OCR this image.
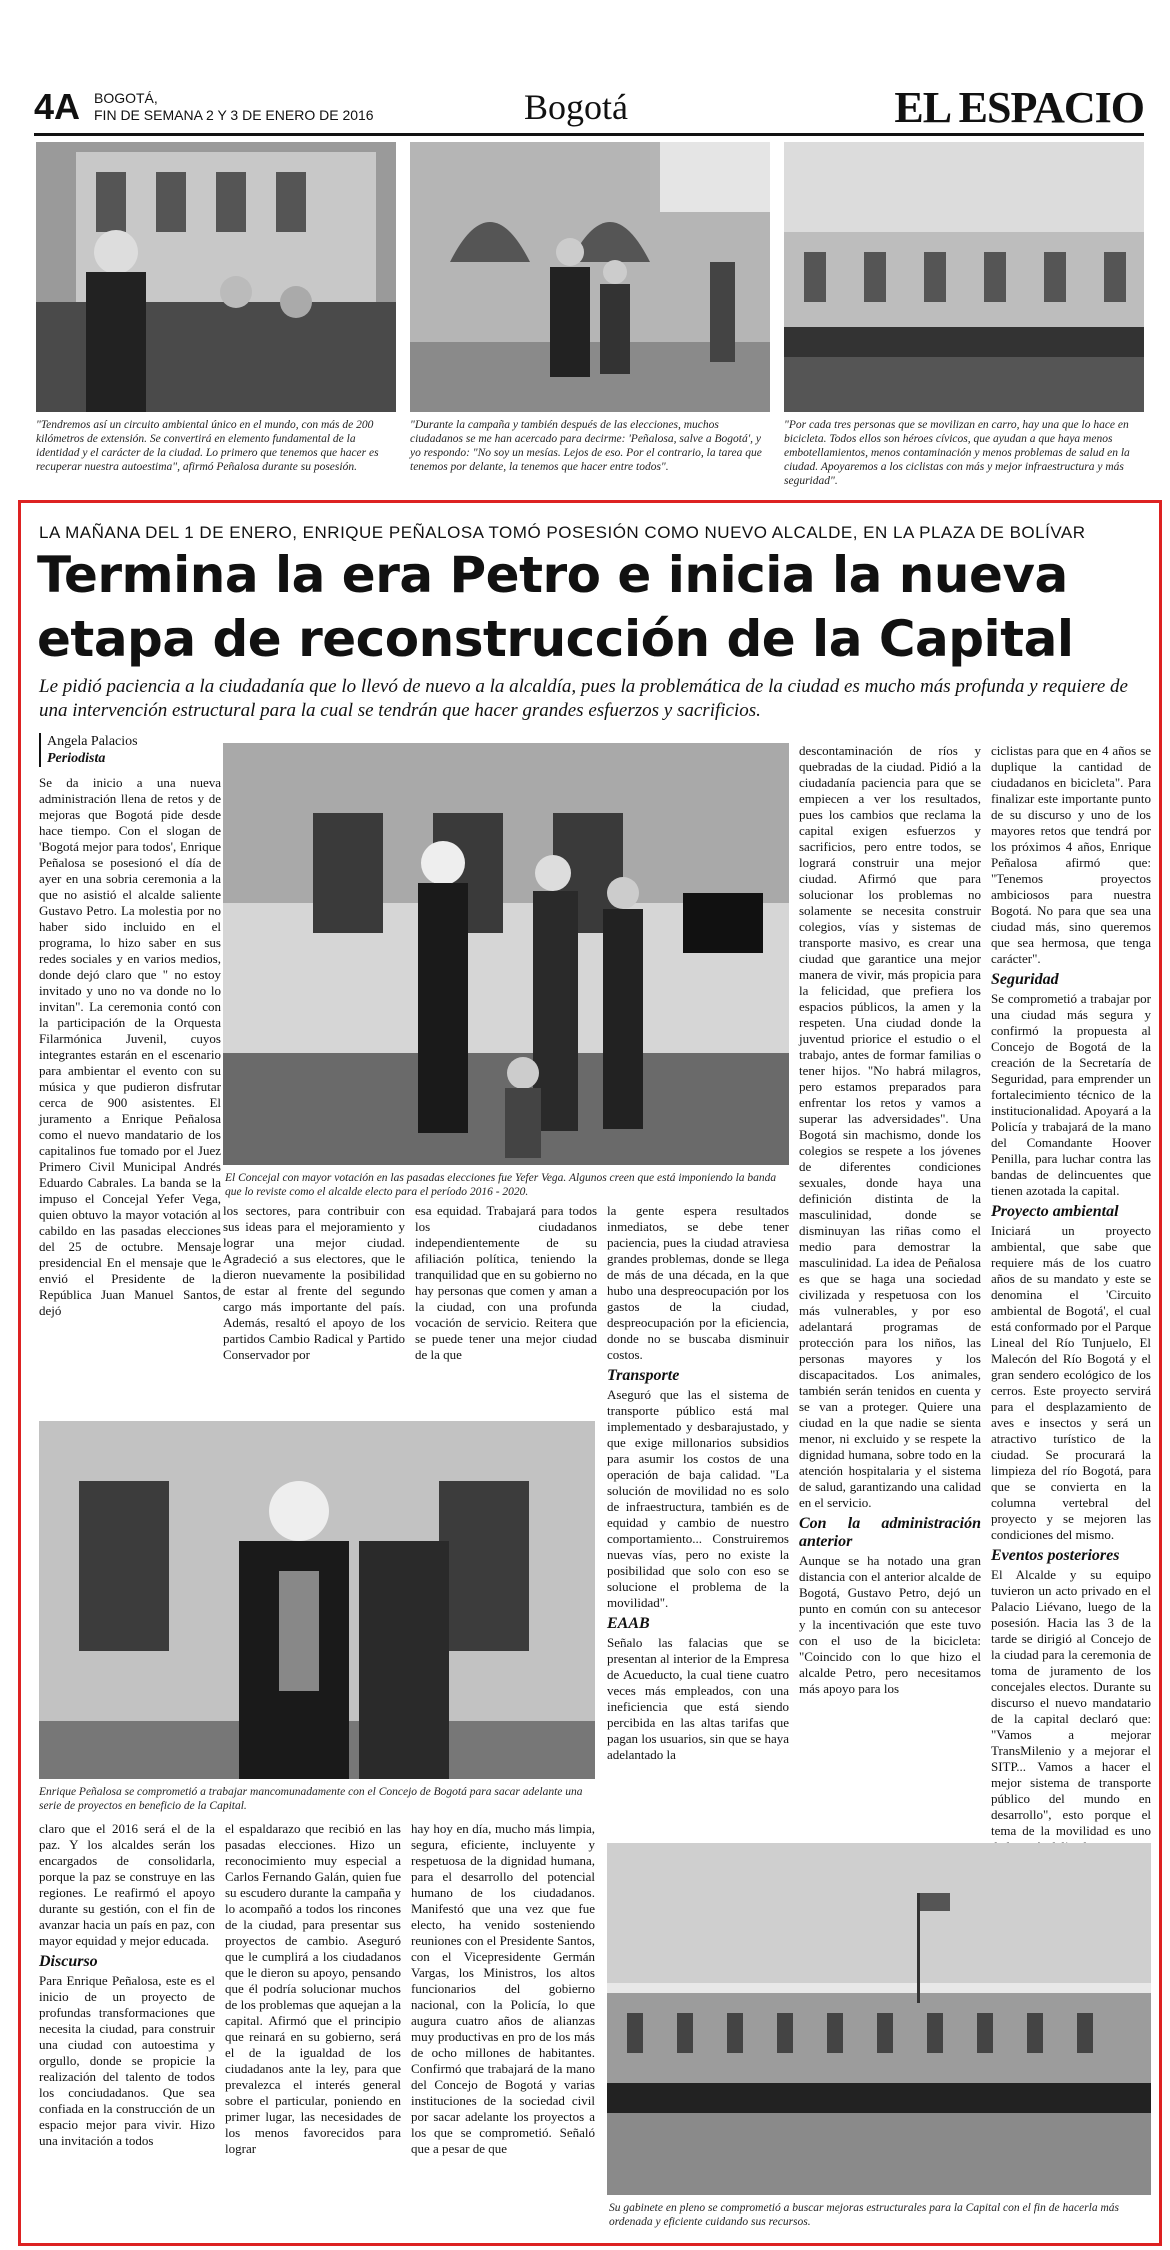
4A BOGOTÁ,
FIN DE SEMANA 2 Y 3 DE ENERO DE 2016	Bogotá	EL ESPACIO
"Tendremos así un circuito ambiental único en el mundo, con más de 200 kilómetros de extensión. Se convertirá en elemento fundamental de la identidad y el carácter de la ciudad. Lo primero que tenemos que hacer es recuperar nuestra autoestima", afirmó Peñalosa durante su posesión.
"Durante la campaña y también después de las elecciones, muchos ciudadanos se me han acercado para decirme: 'Peñalosa, salve a Bogotá', y yo respondo: "No soy un mesías. Lejos de eso. Por el contrario, la tarea que tenemos por delante, la tenemos que hacer entre todos".
"Por cada tres personas que se movilizan en carro, hay una que lo hace en bicicleta. Todos ellos son héroes cívicos, que ayudan a que haya menos embotellamientos, menos contaminación y menos problemas de salud en la ciudad. Apoyaremos a los ciclistas con más y mejor infraestructura y más seguridad".
LA MAÑANA DEL 1 DE ENERO, ENRIQUE PEÑALOSA TOMÓ POSESIÓN COMO NUEVO ALCALDE, EN LA PLAZA DE BOLÍVAR
Termina la era Petro e inicia la nueva etapa de reconstrucción de la Capital
Le pidió paciencia a la ciudadanía que lo llevó de nuevo a la alcaldía, pues la problemática de la ciudad es mucho más profunda y requiere de una intervención estructural para la cual se tendrán que hacer grandes esfuerzos y sacrificios.
Angela Palacios
Periodista

Se da inicio a una nueva administración llena de retos y de mejoras que Bogotá pide desde hace tiempo. Con el slogan de 'Bogotá mejor para todos', Enrique Peñalosa se posesionó el día de ayer en una sobria ceremonia a la que no asistió el alcalde saliente Gustavo Petro. La molestia por no haber sido incluido en el programa, lo hizo saber en sus redes sociales y en varios medios, donde dejó claro que " no estoy invitado y uno no va donde no lo invitan". La ceremonia contó con la participación de la Orquesta Filarmónica Juvenil, cuyos integrantes estarán en el escenario para ambientar el evento con su música y que pudieron disfrutar cerca de 900 asistentes. El juramento a Enrique Peñalosa como el nuevo mandatario de los capitalinos fue tomado por el Juez Primero Civil Municipal Andrés Eduardo Cabrales. La banda se la impuso el Concejal Yefer Vega, quien obtuvo la mayor votación al cabildo en las pasadas elecciones del 25 de octubre. Mensaje presidencial En el mensaje que le envió el Presidente de la República Juan Manuel Santos, dejó

El Concejal con mayor votación en las pasadas elecciones fue Yefer Vega. Algunos creen que está imponiendo la banda que lo reviste como el alcalde electo para el período 2016 - 2020.

los sectores, para contribuir con sus ideas para el mejoramiento y lograr una mejor ciudad. Agradeció a sus electores, que le dieron nuevamente la posibilidad de estar al frente del segundo cargo más importante del país. Además, resaltó el apoyo de los partidos Cambio Radical y Partido Conservador por

esa equidad. Trabajará para todos los ciudadanos independientemente de su afiliación política, teniendo la tranquilidad que en su gobierno no hay personas que comen y aman a la ciudad, con una profunda vocación de servicio. Reitera que se puede tener una mejor ciudad de la que

la gente espera resultados inmediatos, se debe tener paciencia, pues la ciudad atraviesa grandes problemas, donde se llega de más de una década, en la que hubo una despreocupación por los gastos de la ciudad, despreocupación por la eficiencia, donde no se buscaba disminuir costos.

Transporte

Aseguró que las el sistema de transporte público está mal implementado y desbarajustado, y que exige millonarios subsidios para asumir los costos de una operación de baja calidad. "La solución de movilidad no es solo de infraestructura, también es de equidad y cambio de nuestro comportamiento... Construiremos nuevas vías, pero no existe la posibilidad que solo con eso se solucione el problema de la movilidad".

EAAB

Señalo las falacias que se presentan al interior de la Empresa de Acueducto, la cual tiene cuatro veces más empleados, con una ineficiencia que está siendo percibida en las altas tarifas que pagan los usuarios, sin que se haya adelantado la

Enrique Peñalosa se comprometió a trabajar mancomunadamente con el Concejo de Bogotá para sacar adelante una serie de proyectos en beneficio de la Capital.

descontaminación de ríos y quebradas de la ciudad. Pidió a la ciudadanía paciencia para que se empiecen a ver los resultados, pues los cambios que reclama la capital exigen esfuerzos y sacrificios, pero entre todos, se logrará construir una mejor ciudad. Afirmó que para solucionar los problemas no solamente se necesita construir colegios, vías y sistemas de transporte masivo, es crear una ciudad que garantice una mejor manera de vivir, más propicia para la felicidad, que prefiera los espacios públicos, la amen y la respeten. Una ciudad donde la juventud priorice el estudio o el trabajo, antes de formar familias o tener hijos. "No habrá milagros, pero estamos preparados para enfrentar los retos y vamos a superar las adversidades". Una Bogotá sin machismo, donde los colegios se respete a los jóvenes de diferentes condiciones sexuales, donde haya una definición distinta de la masculinidad, donde se disminuyan las riñas como el medio para demostrar la masculinidad. La idea de Peñalosa es que se haga una sociedad civilizada y respetuosa con los más vulnerables, y por eso adelantará programas de protección para los niños, las personas mayores y los discapacitados. Los animales, también serán tenidos en cuenta y se van a proteger. Quiere una ciudad en la que nadie se sienta menor, ni excluido y se respete la dignidad humana, sobre todo en la atención hospitalaria y el sistema de salud, garantizando una calidad en el servicio.

Con la administración anterior

Aunque se ha notado una gran distancia con el anterior alcalde de Bogotá, Gustavo Petro, dejó un punto en común con su antecesor y la incentivación que este tuvo con el uso de la bicicleta: "Coincido con lo que hizo el alcalde Petro, pero necesitamos más apoyo para los

ciclistas para que en 4 años se duplique la cantidad de ciudadanos en bicicleta". Para finalizar este importante punto de su discurso y uno de los mayores retos que tendrá por los próximos 4 años, Enrique Peñalosa afirmó que: "Tenemos proyectos ambiciosos para nuestra Bogotá. No para que sea una ciudad más, sino queremos que sea hermosa, que tenga carácter".

Seguridad

Se comprometió a trabajar por una ciudad más segura y confirmó la propuesta al Concejo de Bogotá de la creación de la Secretaría de Seguridad, para emprender un fortalecimiento técnico de la institucionalidad. Apoyará a la Policía y trabajará de la mano del Comandante Hoover Penilla, para luchar contra las bandas de delincuentes que tienen azotada la capital.

Proyecto ambiental

Iniciará un proyecto ambiental, que sabe que requiere más de los cuatro años de su mandato y este se denomina el 'Circuito ambiental de Bogotá', el cual está conformado por el Parque Lineal del Río Tunjuelo, El Malecón del Río Bogotá y el gran sendero ecológico de los cerros. Este proyecto servirá para el desplazamiento de aves e insectos y será un atractivo turístico de la ciudad. Se procurará la limpieza del río Bogotá, para que se convierta en la columna vertebral del proyecto y se mejoren las condiciones del mismo.

Eventos posteriores

El Alcalde y su equipo tuvieron un acto privado en el Palacio Liévano, luego de la posesión. Hacia las 3 de la tarde se dirigió al Concejo de la ciudad para la ceremonia de toma de juramento de los concejales electos. Durante su discurso el nuevo mandatario de la capital declaró que: "Vamos a mejorar TransMilenio y a mejorar el SITP... Vamos a hacer el mejor sistema de transporte público del mundo en desarrollo", esto porque el tema de la movilidad es uno

claro que el 2016 será el de la paz. Y los alcaldes serán los encargados de consolidarla, porque la paz se construye en las regiones. Le reafirmó el apoyo durante su gestión, con el fin de avanzar hacia un país en paz, con mayor equidad y mejor educada.

Discurso

Para Enrique Peñalosa, este es el inicio de un proyecto de profundas transformaciones que necesita la ciudad, para construir una ciudad con autoestima y orgullo, donde se propicie la realización del talento de todos los conciudadanos. Que sea confiada en la construcción de un espacio mejor para vivir. Hizo una invitación a todos

el espaldarazo que recibió en las pasadas elecciones. Hizo un reconocimiento muy especial a Carlos Fernando Galán, quien fue su escudero durante la campaña y lo acompañó a todos los rincones de la ciudad, para presentar sus proyectos de cambio. Aseguró que le cumplirá a los ciudadanos que le dieron su apoyo, pensando que él podría solucionar muchos de los problemas que aquejan a la capital. Afirmó que el principio que reinará en su gobierno, será el de la igualdad de los ciudadanos ante la ley, para que prevalezca el interés general sobre el particular, poniendo en primer lugar, las necesidades de los menos favorecidos para lograr

hay hoy en día, mucho más limpia, segura, eficiente, incluyente y respetuosa de la dignidad humana, para el desarrollo del potencial humano de los ciudadanos. Manifestó que una vez que fue electo, ha venido sosteniendo reuniones con el Presidente Santos, con el Vicepresidente Germán Vargas, los Ministros, los altos funcionarios del gobierno nacional, con la Policía, lo que augura cuatro años de alianzas muy productivas en pro de los más de ocho millones de habitantes. Confirmó que trabajará de la mano del Concejo de Bogotá y varias instituciones de la sociedad civil por sacar adelante los proyectos a los que se comprometió. Señaló que a pesar de que

Su gabinete en pleno se comprometió a buscar mejoras estructurales para la Capital con el fin de hacerla más ordenada y eficiente cuidando sus recursos.
